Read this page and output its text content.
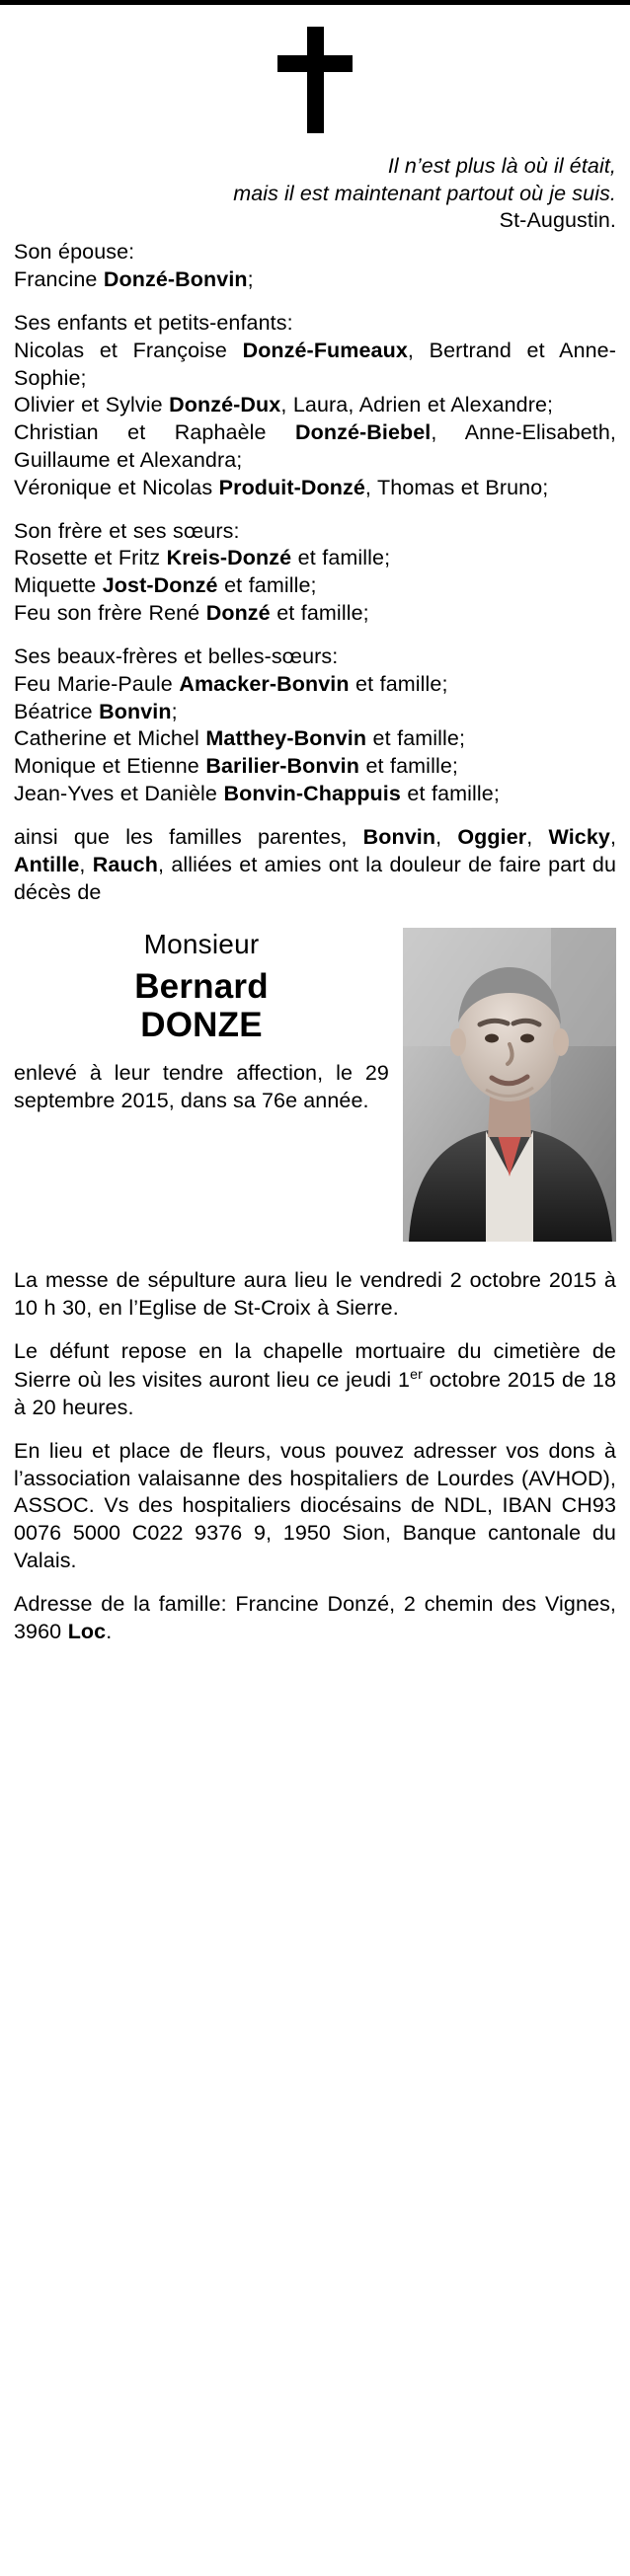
Il n’est plus là où il était,
mais il est maintenant partout où je suis.
St-Augustin.
Son épouse:
Francine Donzé-Bonvin;
Ses enfants et petits-enfants:
Nicolas et Françoise Donzé-Fumeaux, Bertrand et Anne-Sophie;
Olivier et Sylvie Donzé-Dux, Laura, Adrien et Alexandre;
Christian et Raphaèle Donzé-Biebel, Anne-Elisabeth, Guillaume et Alexandra;
Véronique et Nicolas Produit-Donzé, Thomas et Bruno;
Son frère et ses sœurs:
Rosette et Fritz Kreis-Donzé et famille;
Miquette Jost-Donzé et famille;
Feu son frère René Donzé et famille;
Ses beaux-frères et belles-sœurs:
Feu Marie-Paule Amacker-Bonvin et famille;
Béatrice Bonvin;
Catherine et Michel Matthey-Bonvin et famille;
Monique et Etienne Barilier-Bonvin et famille;
Jean-Yves et Danièle Bonvin-Chappuis et famille;
ainsi que les familles parentes, Bonvin, Oggier, Wicky, Antille, Rauch, alliées et amies ont la douleur de faire part du décès de
Monsieur
Bernard
DONZE
enlevé à leur tendre affection, le 29 septembre 2015, dans sa 76e année.
La messe de sépulture aura lieu le vendredi 2 octobre 2015 à 10 h 30, en l’Eglise de St-Croix à Sierre.
Le défunt repose en la chapelle mortuaire du cimetière de Sierre où les visites auront lieu ce jeudi 1er octobre 2015 de 18 à 20 heures.
En lieu et place de fleurs, vous pouvez adresser vos dons à l’association valaisanne des hospitaliers de Lourdes (AVHOD), ASSOC. Vs des hospitaliers diocésains de NDL, IBAN CH93 0076 5000 C022 9376 9, 1950 Sion, Banque cantonale du Valais.
Adresse de la famille: Francine Donzé, 2 chemin des Vignes, 3960 Loc.
